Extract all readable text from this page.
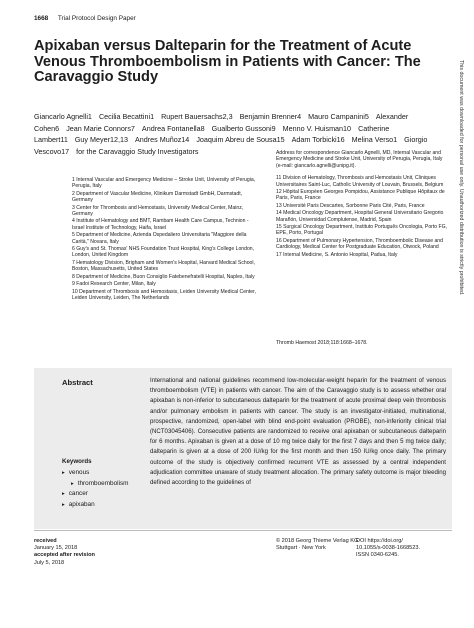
1668 Trial Protocol Design Paper
Apixaban versus Dalteparin for the Treatment of Acute Venous Thromboembolism in Patients with Cancer: The Caravaggio Study
Giancarlo Agnelli1 Cecilia Becattini1 Rupert Bauersachs2,3 Benjamin Brenner4 Mauro Campanini5 Alexander Cohen6 Jean Marie Connors7 Andrea Fontanella8 Gualberto Gussoni9 Menno V. Huisman10 Catherine Lambert11 Guy Meyer12,13 Andres Muñoz14 Joaquim Abreu de Sousa15 Adam Torbicki16 Melina Verso1 Giorgio Vescovo17 for the Caravaggio Study Investigators
1 Internal Vascular and Emergency Medicine – Stroke Unit, University of Perugia, Perugia, Italy
2 Department of Vascular Medicine, Klinikum Darmstadt GmbH, Darmstadt, Germany
3 Center for Thrombosis and Hemostasis, University Medical Center, Mainz, Germany
4 Institute of Hematology and BMT, Rambam Health Care Campus, Technion - Israel Institute of Technology, Haifa, Israel
5 Department of Medicine, Azienda Ospedaliero Universitaria "Maggiore della Carità," Novara, Italy
6 Guy's and St. Thomas' NHS Foundation Trust Hospital, King's College London, London, United Kingdom
7 Hematology Division, Brigham and Women's Hospital, Harvard Medical School, Boston, Massachusetts, United States
8 Department of Medicine, Buon Consiglio Fatebenefratelli Hospital, Naples, Italy
9 Fadoi Research Center, Milan, Italy
10 Department of Thrombosis and Hemostasis, Leiden University Medical Center, Leiden University, Leiden, The Netherlands
Address for correspondence Giancarlo Agnelli, MD, Internal Vascular and Emergency Medicine and Stroke Unit, University of Perugia, Perugia, Italy (e-mail: giancarlo.agnelli@unipg.it).
11 Division of Hematology, Thrombosis and Hemostasis Unit, Cliniques Universitaires Saint-Luc, Catholic University of Louvain, Brussels, Belgium
12 Hôpital Européen Georges Pompidou, Assistance Publique Hôpitaux de Paris, Paris, France
13 Université Paris Descartes, Sorbonne Paris Cité, Paris, France
14 Medical Oncology Department, Hospital General Universitario Gregorio Marañón, Universidad Complutense, Madrid, Spain
15 Surgical Oncology Department, Instituto Português Oncologia, Porto FG, EPE, Porto, Portugal
16 Department of Pulmonary Hypertension, Thromboembolic Disease and Cardiology, Medical Center for Postgraduate Education, Otwock, Poland
17 Internal Medicine, S. Antonio Hospital, Padua, Italy
Thromb Haemost 2018;118:1668–1678.
Abstract	International and national guidelines recommend low-molecular-weight heparin for the treatment of venous thromboembolism (VTE) in patients with cancer. The aim of the Caravaggio study is to assess whether oral apixaban is non-inferior to subcutaneous dalteparin for the treatment of acute proximal deep vein thrombosis and/or pulmonary embolism in patients with cancer. The study is an investigator-initiated, multinational, prospective, randomized, open-label with blind end-point evaluation (PROBE), non-inferiority clinical trial (NCT03045406). Consecutive patients are randomized to receive oral apixaban or subcutaneous dalteparin for 6 months. Apixaban is given at a dose of 10 mg twice daily for the first 7 days and then 5 mg twice daily; dalteparin is given at a dose of 200 IU/kg for the first month and then 150 IU/kg once daily. The primary outcome of the study is objectively confirmed recurrent VTE as assessed by a central independent adjudication committee unaware of study treatment allocation. The primary safety outcome is major bleeding defined according to the guidelines of
Keywords
▸ venous
▸ thromboembolism
▸ cancer
▸ apixaban
received
January 15, 2018
accepted after revision
July 5, 2018
© 2018 Georg Thieme Verlag KG
Stuttgart · New York
DOI https://doi.org/
10.1055/s-0038-1668523.
ISSN 0340-6245.
This document was downloaded for personal use only. Unauthorized distribution is strictly prohibited.
